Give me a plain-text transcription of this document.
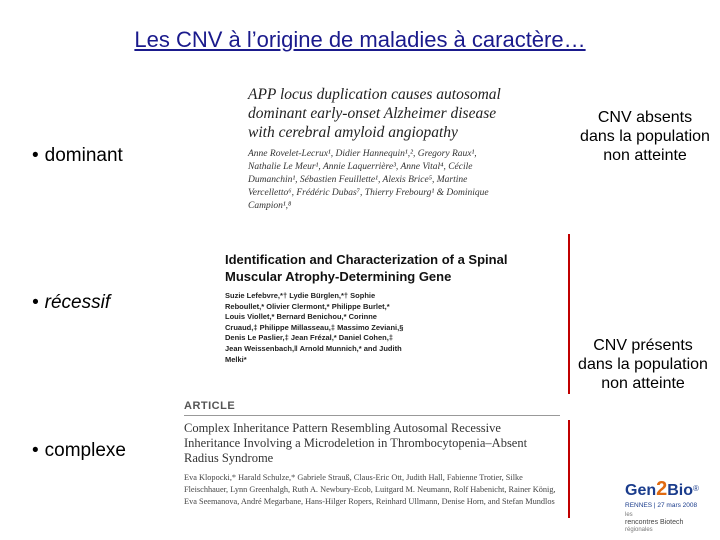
Les CNV à l’origine de maladies à caractère…
• dominant
• récessif
• complexe
APP locus duplication causes autosomal dominant early-onset Alzheimer disease with cerebral amyloid angiopathy
Anne Rovelet-Lecrux¹, Didier Hannequin¹,², Gregory Raux¹, Nathalie Le Meur¹, Annie Laquerrière³, Anne Vital⁴, Cécile Dumanchin¹, Sébastien Feuillette¹, Alexis Brice⁵, Martine Vercelletto⁶, Frédéric Dubas⁷, Thierry Frebourg¹ & Dominique Campion¹,⁸
Identification and Characterization of a Spinal Muscular Atrophy-Determining Gene
Suzie Lefebvre,*† Lydie Bürglen,*† Sophie Reboullet,* Olivier Clermont,* Philippe Burlet,* Louis Viollet,* Bernard Benichou,* Corinne Cruaud,‡ Philippe Millasseau,‡ Massimo Zeviani,§ Denis Le Paslier,‡ Jean Frézal,* Daniel Cohen,‡ Jean Weissenbach,‖ Arnold Munnich,* and Judith Melki*
ARTICLE
Complex Inheritance Pattern Resembling Autosomal Recessive Inheritance Involving a Microdeletion in Thrombocytopenia–Absent Radius Syndrome
Eva Klopocki,* Harald Schulze,* Gabriele Strauß, Claus-Eric Ott, Judith Hall, Fabienne Trotier, Silke Fleischhauer, Lynn Greenhalgh, Ruth A. Newbury-Ecob, Luitgard M. Neumann, Rolf Habenicht, Rainer König, Eva Seemanova, André Megarbane, Hans-Hilger Ropers, Reinhard Ullmann, Denise Horn, and Stefan Mundlos
CNV absents dans la population non atteinte
CNV présents dans la population non atteinte
Gen2Bio®
RENNES | 27 mars 2008
les
rencontres Biotech
régionales
